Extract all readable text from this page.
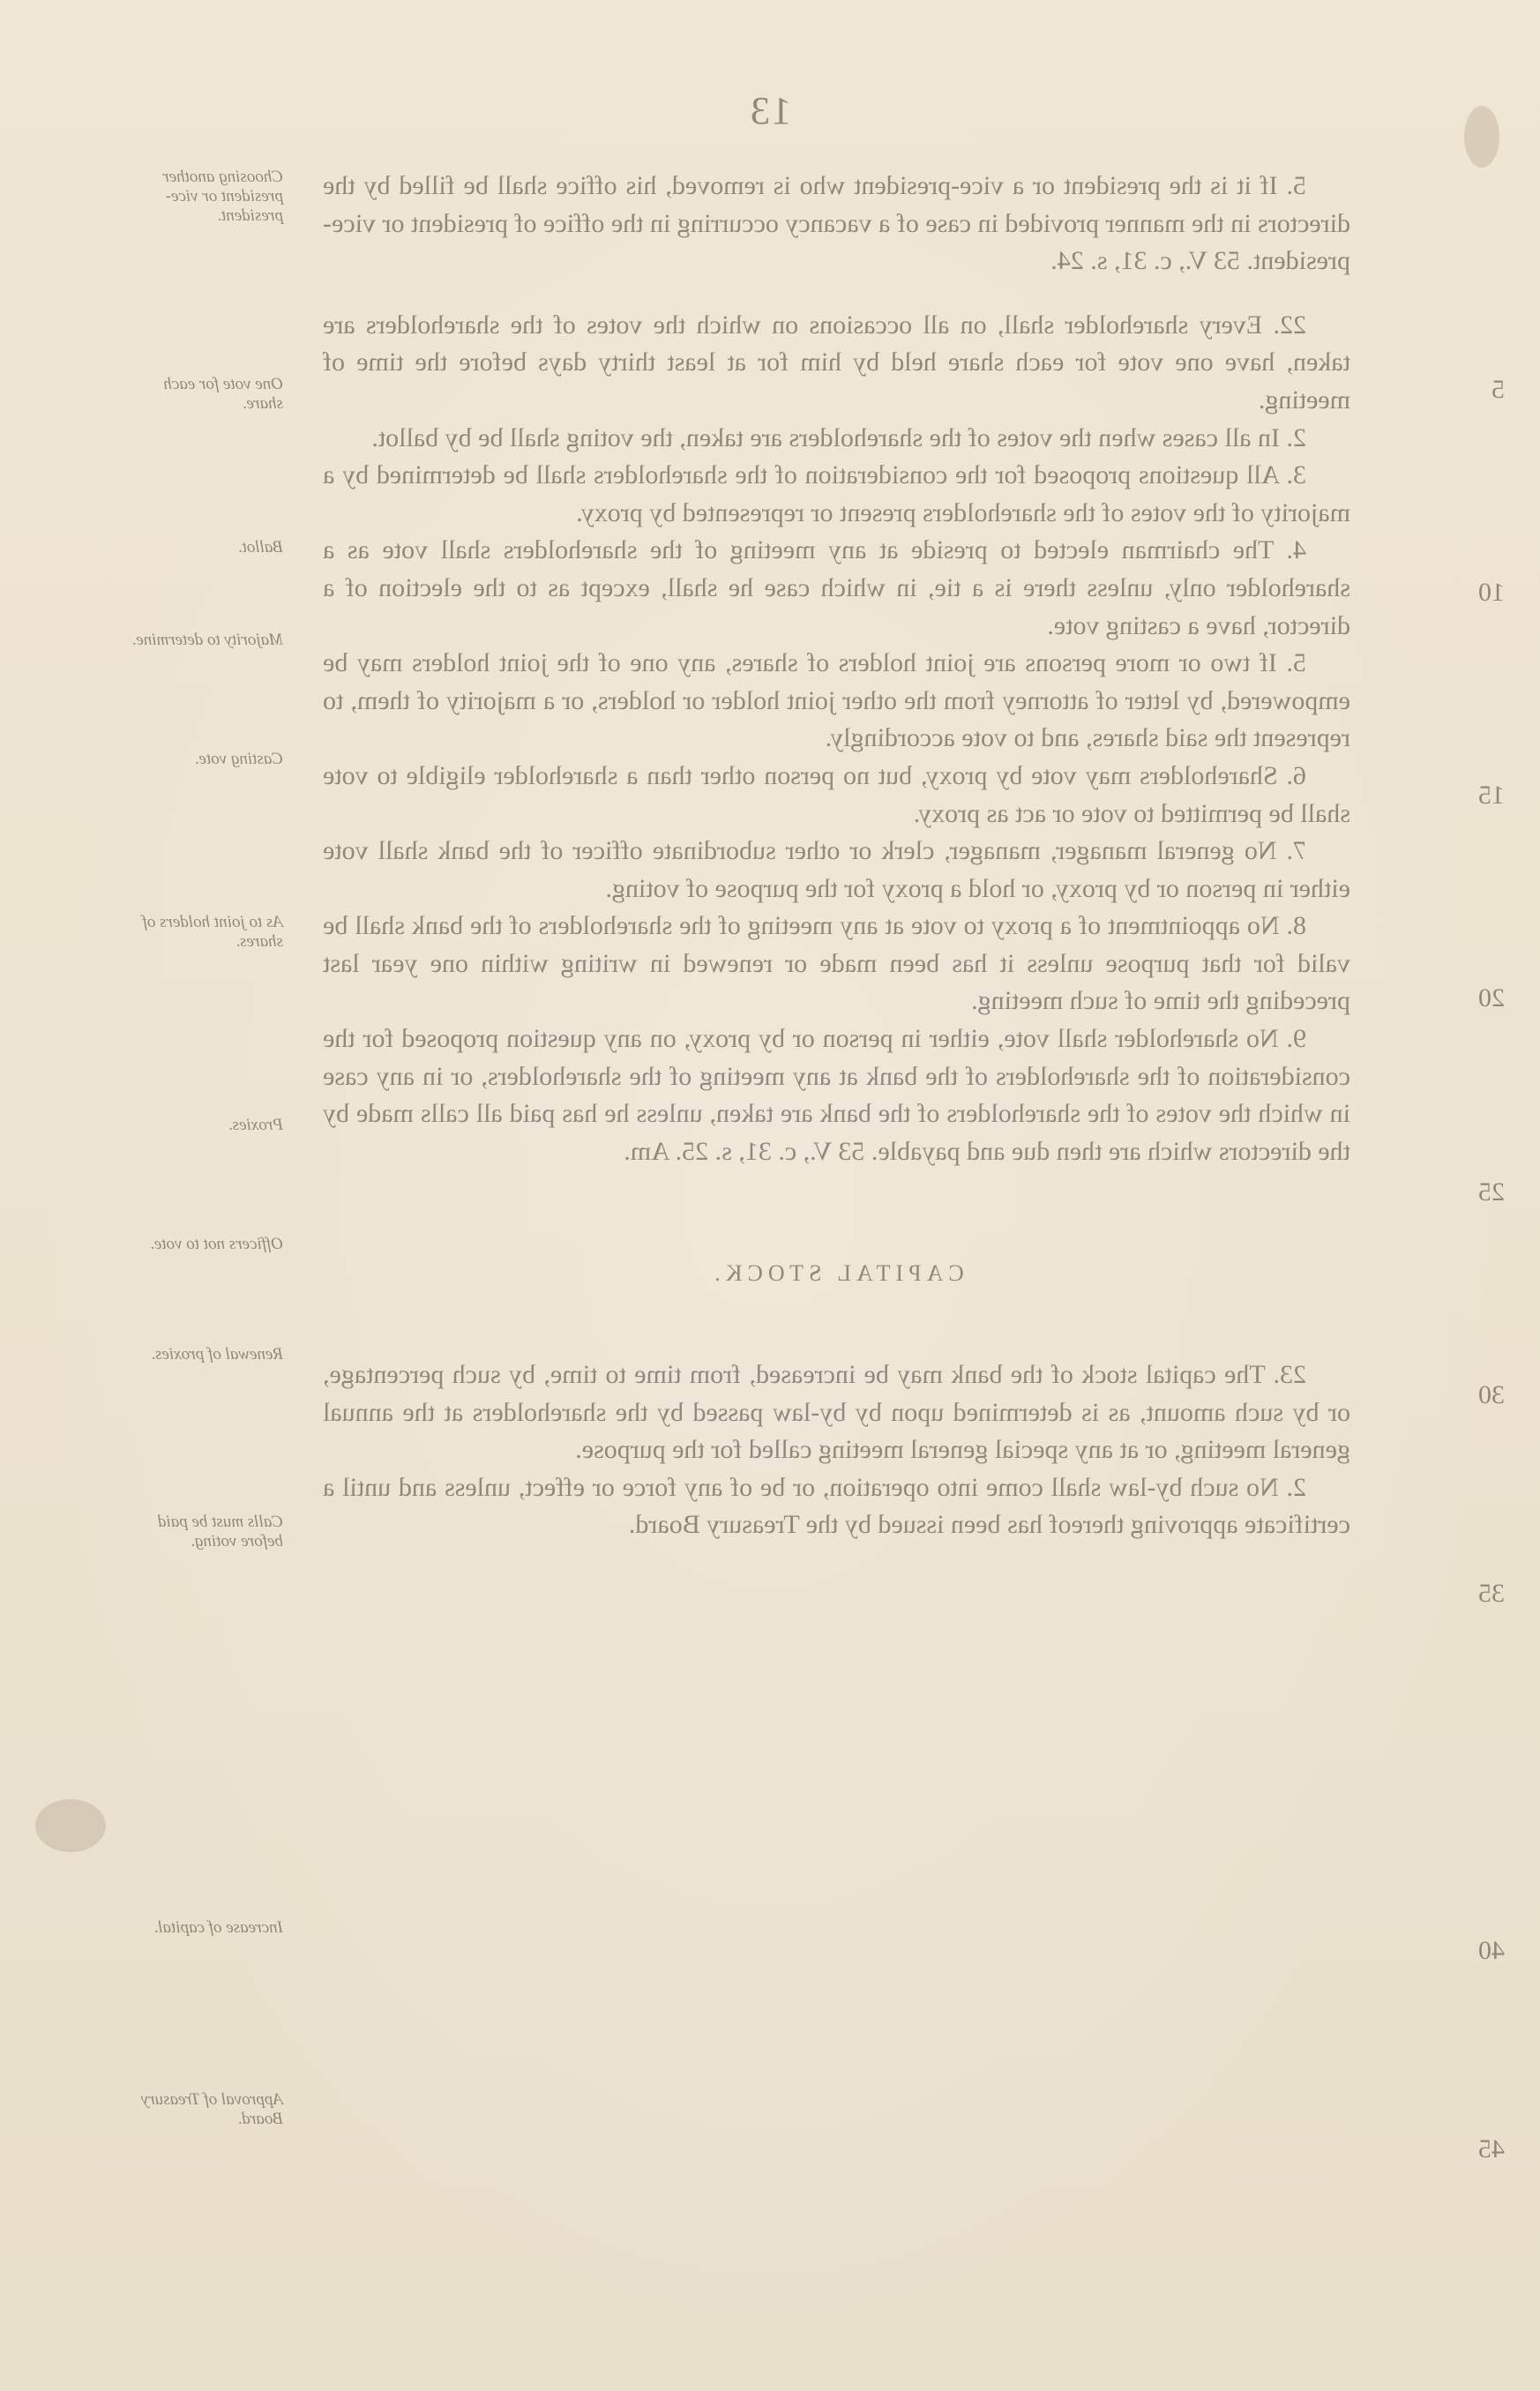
13

5. If it is the president or a vice-president who is removed, his office shall be filled by the directors in the manner provided in case of a vacancy occurring in the office of president or vice-president. 53 V., c. 31, s. 24.

22. Every shareholder shall, on all occasions on which the votes of the shareholders are taken, have one vote for each share held by him for at least thirty days before the time of meeting.

2. In all cases when the votes of the shareholders are taken, the voting shall be by ballot.

3. All questions proposed for the consideration of the shareholders shall be determined by a majority of the votes of the shareholders present or represented by proxy.

4. The chairman elected to preside at any meeting of the shareholders shall vote as a shareholder only, unless there is a tie, in which case he shall, except as to the election of a director, have a casting vote.

5. If two or more persons are joint holders of shares, any one of the joint holders may be empowered, by letter of attorney from the other joint holder or holders, or a majority of them, to represent the said shares, and to vote accordingly.

6. Shareholders may vote by proxy, but no person other than a shareholder eligible to vote shall be permitted to vote or act as proxy.

7. No general manager, manager, clerk or other subordinate officer of the bank shall vote either in person or by proxy, or hold a proxy for the purpose of voting.

8. No appointment of a proxy to vote at any meeting of the shareholders of the bank shall be valid for that purpose unless it has been made or renewed in writing within one year last preceding the time of such meeting.

9. No shareholder shall vote, either in person or by proxy, on any question proposed for the consideration of the shareholders of the bank at any meeting of the shareholders, or in any case in which the votes of the shareholders of the bank are taken, unless he has paid all calls made by the directors which are then due and payable. 53 V., c. 31, s. 25. Am.

CAPITAL STOCK.

23. The capital stock of the bank may be increased, from time to time, by such percentage, or by such amount, as is determined upon by by-law passed by the shareholders at the annual general meeting, or at any special general meeting called for the purpose.

2. No such by-law shall come into operation, or be of any force or effect, unless and until a certificate approving thereof has been issued by the Treasury Board.

Choosing another president or vice-president.
One vote for each share.
Ballot.
Majority to determine.
Casting vote.
As to joint holders of shares.
Proxies.
Officers not to vote.
Renewal of proxies.
Calls must be paid before voting.
Increase of capital.
Approval of Treasury Board.
5
10
15
20
25
30
35
40
45
